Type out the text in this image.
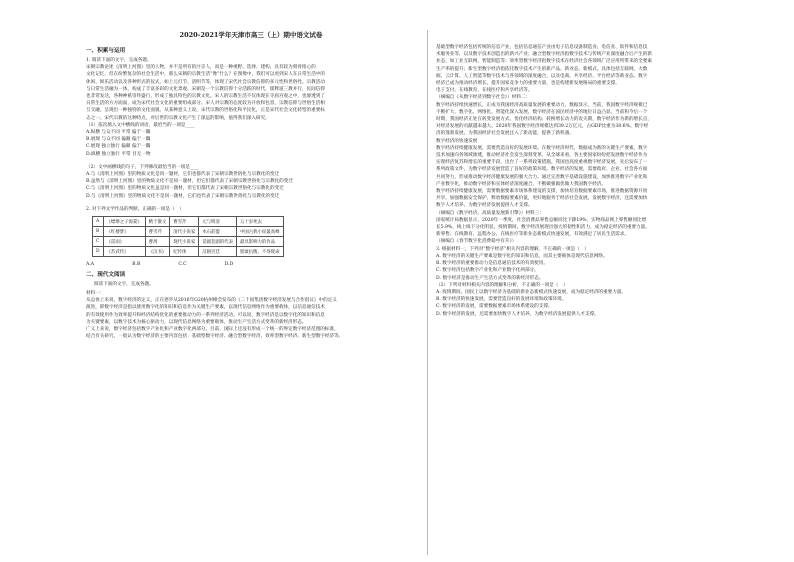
2020-2021学年天津市高三（上）期中语文试卷
一、积累与运用
1. 阅读下面的文字，完成各题。
宋朝宗教论述《清明上河图》里的人物，并不是所有的汴京人，而是一种视野、选择、建构，具有较为刻骨铭心的
文化记忆，但在纷繁复杂的社会生活中，那么宋朝的宗教生活“像”什么？在图像中，我们可以看到宋人在日常生活中的
休闲、娱乐活动以及各种形式的仪式，如上元灯节、清明节等，体现了宋代社会宗教信仰的多元性和世俗性。宗教活动
与日常生活融为一体，构成了丰富多彩的文化景观。宋朝是一个宗教信仰十分活跃的时代，儒释道三教并行，民间信仰
也非常发达，各种神祇崇拜盛行，形成了独具特色的宗教文化。宋人的宗教生活不仅体现在寺庙宫观之中，也渗透到了
日常生活的方方面面，成为宋代社会文化的重要组成部分。宋人对宗教的态度较为开放和包容，宗教信仰与世俗生活相
互交融，呈现出一种独特的文化面貌。从某种意义上说，宋代宗教的世俗化和平民化，正是宋代社会文化转型的重要标
志之一。宋代宗教的这种特点，对后世的宗教文化产生了深远的影响，值得我们深入研究。
（1）依次填入文中横线的词语，最恰当的一项是____
A.纵横 与众不同 平常 偏于一隅
B.展现 与众不同 偏颇 偏于一隅
C.展现 独立独行 偏颇 偏于一隅
D.纵横 独立独行 平常 目无一物
（2）文中画横线的句子，下列修改最恰当的一项是____
A.与《清明上河图》里的物质文化是同一题材，它们也都代表了宋朝宗教世俗化与宗教化的变迁
B.虽然与《清明上河图》里的物质文化不是同一题材，但它们都代表了宋朝宗教世俗化与宗教化的变迁
C.与《清明上河图》里的物质文化虽是同一题材，但它们都代表了宋朝宗教世俗化与宗教化的变迁
D.与《清明上河图》里的物质文化不是同一题材，它们也代表了宋朝宗教世俗化与宗教化的变迁
2. 对下列文学作品的判断，正确的一项是（　）
A	《缥缈之子海棠》	精于散文	曹雪芹	元与明清	五十岁死去
B	《红楼梦》	曹雪芹	清代小说家	木石前盟	中国古典小说最高峰
C	《雷雨》	曹禺	现代小说家	话剧悲剧的代表	最具影响力的作品
D	《苏武传》	《汉书》	纪传体	汉朝宫廷	胆敢抗衡，不辱使命
A.A	B.B	C.C	D.D
二、现代文阅读
阅读下面的文字，完成各题。
材料一：
从总体上来说，数字经济的定义，正在逐步从2016年G20杭州峰会发布的《二十国集团数字经济发展与合作倡议》中的定义
演进，即数字经济是指以使用数字化的知识和信息作为关键生产要素，以现代信息网络作为重要载体，以信息通信技术
的有效使用作为效率提升和经济结构优化的重要推动力的一系列经济活动。可以说，数字经济是以数字化的知识和信息
为关键要素，以数字技术为核心驱动力，以现代信息网络为重要载体，推动生产生活方式变革的新经济形态。
广义上来说，数字经济包括数字产业化和产业数字化两部分。目前，国际上还没有形成一个统一的界定数字经济范围的标准，
结合有关研究，一般认为数字经济的主要内容包括：基础型数字经济、融合型数字经济、效率型数字经济、新生型数字经济等。
基础型数字经济包括传统的信息产业，包括信息通信产业由电子信息设备制造业、电信业、软件和信息技
术服务业等，以及数字技术创造出的新兴产业；融合型数字经济指数字技术与传统产业深度融合后产生的新
业态，如工业互联网、智能制造等；效率型数字经济指数字技术在经济社会各领域广泛应用所带来的全要素
生产率的提升；新生型数字经济指依托数字技术产生的新产品、新业态、新模式。具体包括互联网、大数
据、云计算、人工智能等数字技术与各领域的深度融合，以及电商、共享经济、平台经济等新业态。数字
经济已成为推动经济增长、提升国家竞争力的重要力量，也是构建新发展格局的重要支撑。
电子支付、在线教育、在线医疗和共享经济等。
（摘编自《从数字经济到数字社会》）材料二：
数字经济持续快速增长，正成为我国经济高质量发展的重要动力。数据显示，当前，我国数字经济规模已
不断扩大，数字化、网络化、智能化深入发展，数字经济在国民经济中的地位日益凸显。当前和今后一个
时期，我国经济正处在转变发展方式、优化经济结构、转换增长动力的攻关期，数字经济作为新的增长点，
对经济发展的贡献越来越大。2020年我国数字经济规模达到39.2万亿元，占GDP比重为38.6%。数字经
济的蓬勃发展，为我国经济社会发展注入了新动能，提供了新机遇。
数字经济的快速发展
数字经济持续健康发展，需要营造良好的发展环境。在数字经济时代，数据成为新的关键生产要素，数字
技术加速向各领域渗透，推动经济社会发生深刻变革。从全球来看，各主要国家纷纷把发展数字经济作为
实现经济复苏和增长的重要手段，出台了一系列政策措施。我国也高度重视数字经济发展，先后发布了一
系列政策文件，为数字经济发展营造了良好的政策环境。数字经济的发展，需要政府、企业、社会各方面
共同努力，形成推动数字经济健康发展的强大合力。通过完善数字基础设施建设，加快推进数字产业化和
产业数字化，推动数字经济和实体经济深度融合，不断做强做优做大我国数字经济。
数字经济持续健康发展，需要数据要素市场体系建设的支撑，加快培育数据要素市场，推进数据资源开放
共享，加强数据安全保护，释放数据要素价值，更好地服务于经济社会发展。发展数字经济，还需要加快
数字人才培养，为数字经济发展提供人才支撑。
（摘编自《数字经济，高质量发展新引擎》）材料三：
国家统计局数据显示，2020年一季度，社会消费品零售总额同比下降19%，实物商品网上零售额同比增
长5.9%，线上线下分化明显。疫情期间，数字经济展现出强大的韧性和活力，成为稳定经济的重要力量。
新零售、在线教育、远程办公、在线医疗等新业态新模式快速发展，有效满足了居民生活需求。
（摘编自《春节数字化消费稳中有升》）
3. 根据材料一，下列对“数字经济”相关内容的理解，不正确的一项是（　）
A. 数字经济的关键生产要素是数字化的知识和信息，而其主要载体是现代信息网络。
B. 数字经济的重要推动力是信息通信技术的有效使用。
C. 数字经济包括数字产业化和产业数字化两部分。
D. 数字经济是推动生产生活方式变革的新经济形态。
（2）下列对材料相关内容的理解和分析，不正确的一项是（　）
A. 疫情期间，国民上以数字经济为基础的新业态新模式快速发展，成为稳定经济的重要力量。
B. 数字经济的快速发展，需要营造良好的发展环境和政策环境。
C. 数字经济的发展，需要数据要素市场体系建设的支撑。
D. 数字经济的发展，还需要加快数字人才培养，为数字经济发展提供人才支撑。
